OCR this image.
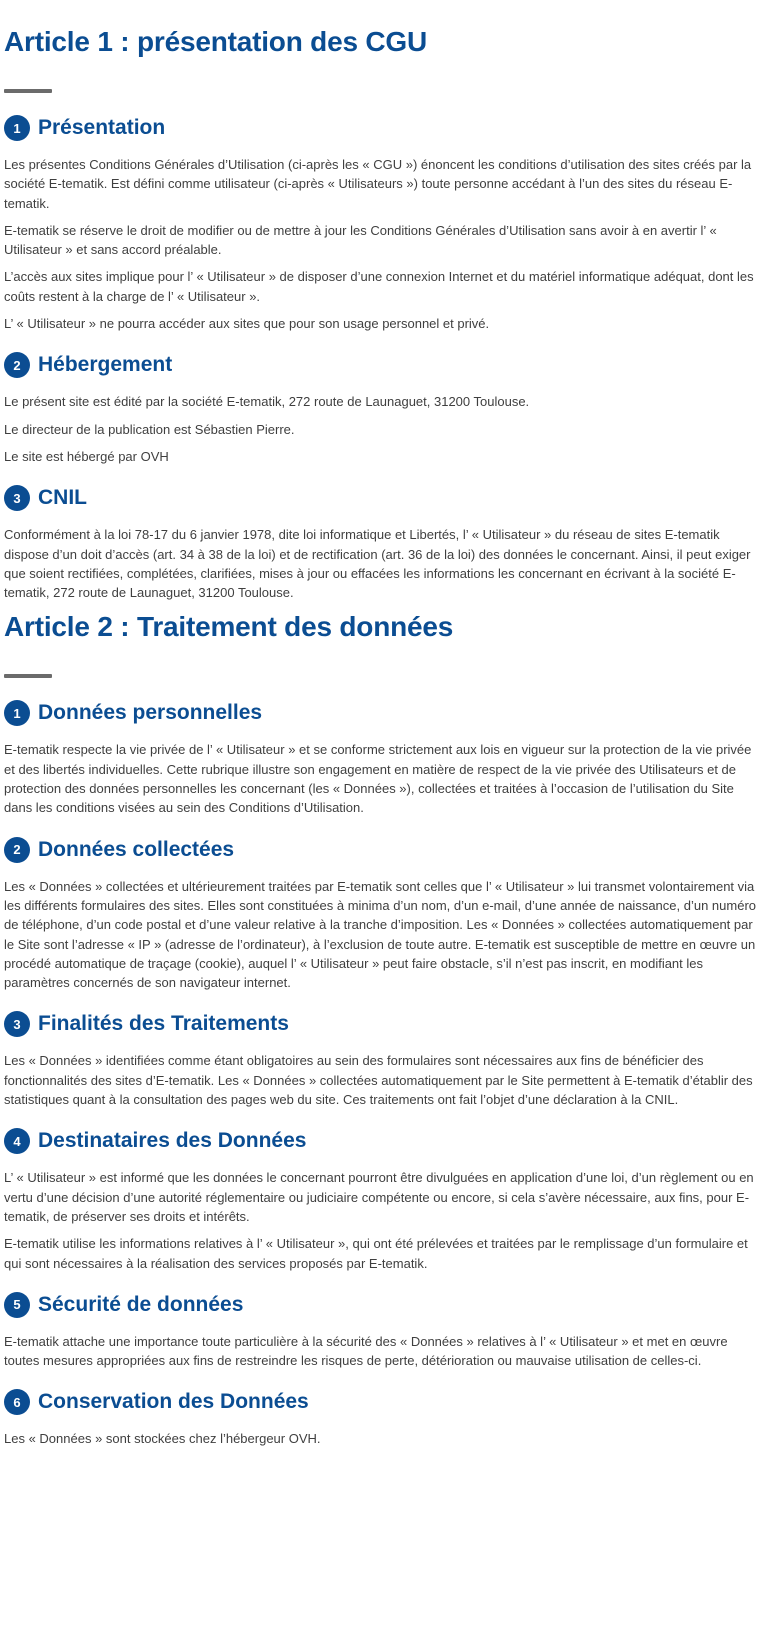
Article 1 : présentation des CGU
1 Présentation

Les présentes Conditions Générales d’Utilisation (ci-après les « CGU ») énoncent les conditions d’utilisation des sites créés par la société E-tematik. Est défini comme utilisateur (ci-après « Utilisateurs ») toute personne accédant à l’un des sites du réseau E-tematik.

E-tematik se réserve le droit de modifier ou de mettre à jour les Conditions Générales d’Utilisation sans avoir à en avertir l’ « Utilisateur » et sans accord préalable.

L’accès aux sites implique pour l’ « Utilisateur » de disposer d’une connexion Internet et du matériel informatique adéquat, dont les coûts restent à la charge de l’ « Utilisateur ».

L’ « Utilisateur » ne pourra accéder aux sites que pour son usage personnel et privé.

2 Hébergement

Le présent site est édité par la société E-tematik, 272 route de Launaguet, 31200 Toulouse.

Le directeur de la publication est Sébastien Pierre.

Le site est hébergé par OVH

3 CNIL

Conformément à la loi 78-17 du 6 janvier 1978, dite loi informatique et Libertés, l’ « Utilisateur » du réseau de sites E-tematik dispose d’un doit d’accès (art. 34 à 38 de la loi) et de rectification (art. 36 de la loi) des données le concernant. Ainsi, il peut exiger que soient rectifiées, complétées, clarifiées, mises à jour ou effacées les informations les concernant en écrivant à la société E-tematik, 272 route de Launaguet, 31200 Toulouse.

Article 2 : Traitement des données
1 Données personnelles

E-tematik respecte la vie privée de l’ « Utilisateur » et se conforme strictement aux lois en vigueur sur la protection de la vie privée et des libertés individuelles. Cette rubrique illustre son engagement en matière de respect de la vie privée des Utilisateurs et de protection des données personnelles les concernant (les « Données »), collectées et traitées à l’occasion de l’utilisation du Site dans les conditions visées au sein des Conditions d’Utilisation.

2 Données collectées

Les « Données » collectées et ultérieurement traitées par E-tematik sont celles que l’ « Utilisateur » lui transmet volontairement via les différents formulaires des sites. Elles sont constituées à minima d’un nom, d’un e-mail, d’une année de naissance, d’un numéro de téléphone, d’un code postal et d’une valeur relative à la tranche d’imposition. Les « Données » collectées automatiquement par le Site sont l’adresse « IP » (adresse de l’ordinateur), à l’exclusion de toute autre. E-tematik est susceptible de mettre en œuvre un procédé automatique de traçage (cookie), auquel l’ « Utilisateur » peut faire obstacle, s’il n’est pas inscrit, en modifiant les paramètres concernés de son navigateur internet.

3 Finalités des Traitements

Les « Données » identifiées comme étant obligatoires au sein des formulaires sont nécessaires aux fins de bénéficier des fonctionnalités des sites d’E-tematik. Les « Données » collectées automatiquement par le Site permettent à E-tematik d’établir des statistiques quant à la consultation des pages web du site. Ces traitements ont fait l’objet d’une déclaration à la CNIL.

4 Destinataires des Données

L’ « Utilisateur » est informé que les données le concernant pourront être divulguées en application d’une loi, d’un règlement ou en vertu d’une décision d’une autorité réglementaire ou judiciaire compétente ou encore, si cela s’avère nécessaire, aux fins, pour E-tematik, de préserver ses droits et intérêts.

E-tematik utilise les informations relatives à l’ « Utilisateur », qui ont été prélevées et traitées par le remplissage d’un formulaire et qui sont nécessaires à la réalisation des services proposés par E-tematik.

5 Sécurité de données

E-tematik attache une importance toute particulière à la sécurité des « Données » relatives à l’ « Utilisateur » et met en œuvre toutes mesures appropriées aux fins de restreindre les risques de perte, détérioration ou mauvaise utilisation de celles-ci.

6 Conservation des Données

Les « Données » sont stockées chez l’hébergeur OVH.
